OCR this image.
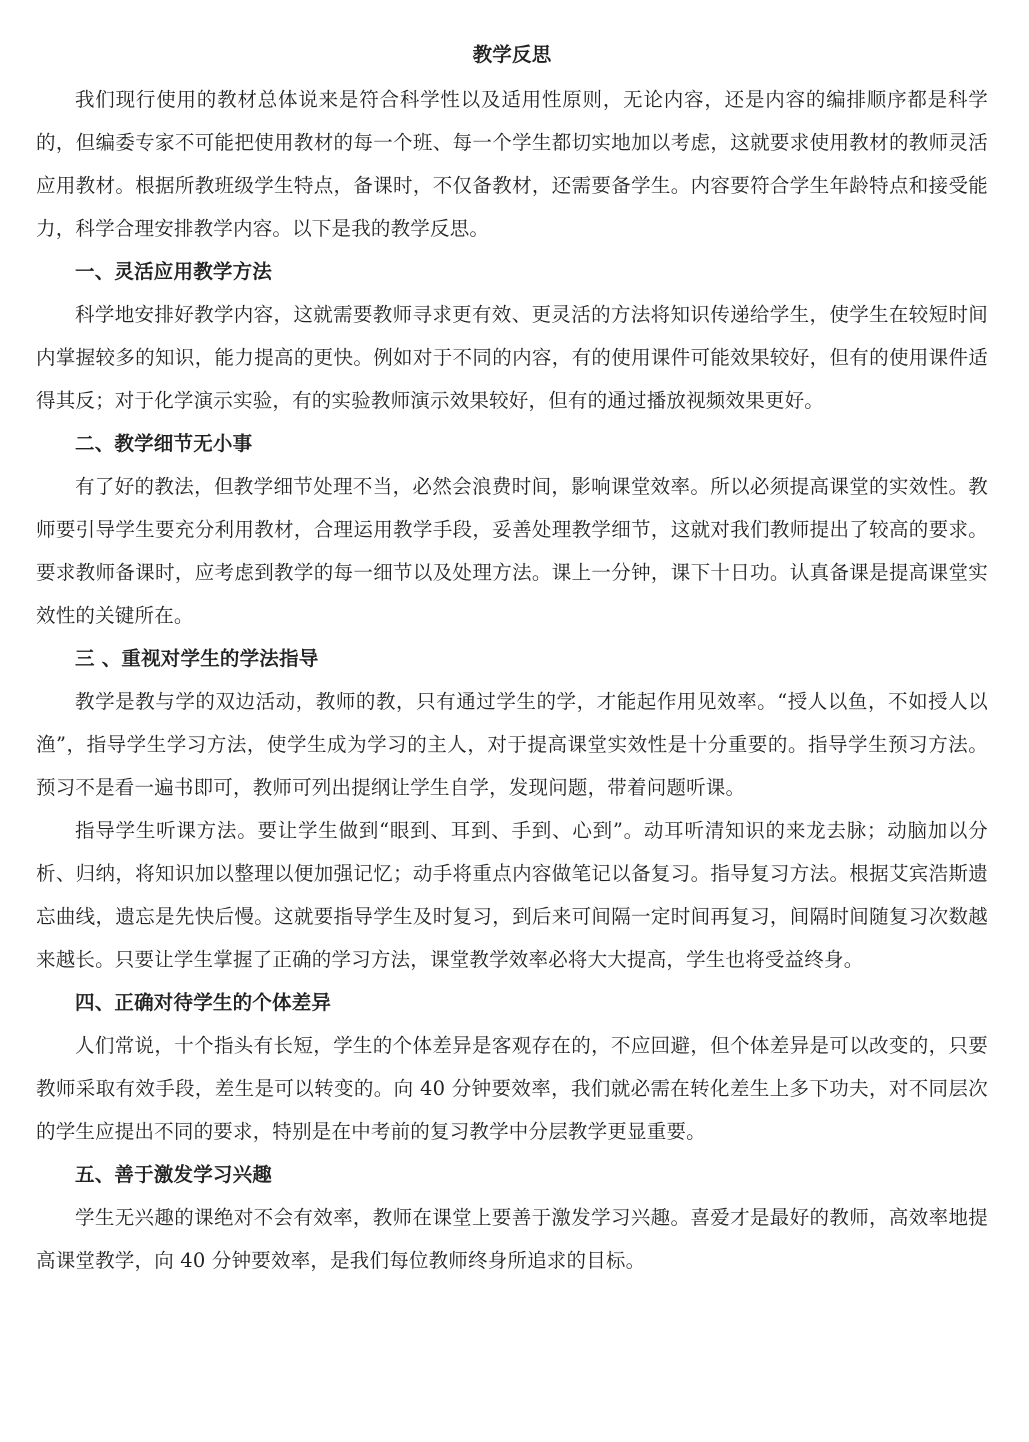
教学反思

我们现行使用的教材总体说来是符合科学性以及适用性原则，无论内容，还是内容的编排顺序都是科学的，但编委专家不可能把使用教材的每一个班、每一个学生都切实地加以考虑，这就要求使用教材的教师灵活应用教材。根据所教班级学生特点，备课时，不仅备教材，还需要备学生。内容要符合学生年龄特点和接受能力，科学合理安排教学内容。以下是我的教学反思。

一、灵活应用教学方法

科学地安排好教学内容，这就需要教师寻求更有效、更灵活的方法将知识传递给学生，使学生在较短时间内掌握较多的知识，能力提高的更快。例如对于不同的内容，有的使用课件可能效果较好，但有的使用课件适得其反；对于化学演示实验，有的实验教师演示效果较好，但有的通过播放视频效果更好。

二、教学细节无小事

有了好的教法，但教学细节处理不当，必然会浪费时间，影响课堂效率。所以必须提高课堂的实效性。教师要引导学生要充分利用教材，合理运用教学手段，妥善处理教学细节，这就对我们教师提出了较高的要求。要求教师备课时，应考虑到教学的每一细节以及处理方法。课上一分钟，课下十日功。认真备课是提高课堂实效性的关键所在。

三 、重视对学生的学法指导

教学是教与学的双边活动，教师的教，只有通过学生的学，才能起作用见效率。“授人以鱼，不如授人以渔”，指导学生学习方法，使学生成为学习的主人，对于提高课堂实效性是十分重要的。指导学生预习方法。预习不是看一遍书即可，教师可列出提纲让学生自学，发现问题，带着问题听课。

指导学生听课方法。要让学生做到“眼到、耳到、手到、心到”。动耳听清知识的来龙去脉；动脑加以分析、归纳，将知识加以整理以便加强记忆；动手将重点内容做笔记以备复习。指导复习方法。根据艾宾浩斯遗忘曲线，遗忘是先快后慢。这就要指导学生及时复习，到后来可间隔一定时间再复习，间隔时间随复习次数越来越长。只要让学生掌握了正确的学习方法，课堂教学效率必将大大提高，学生也将受益终身。

四、正确对待学生的个体差异

人们常说，十个指头有长短，学生的个体差异是客观存在的，不应回避，但个体差异是可以改变的，只要教师采取有效手段，差生是可以转变的。向 40 分钟要效率，我们就必需在转化差生上多下功夫，对不同层次的学生应提出不同的要求，特别是在中考前的复习教学中分层教学更显重要。

五、善于激发学习兴趣

学生无兴趣的课绝对不会有效率，教师在课堂上要善于激发学习兴趣。喜爱才是最好的教师，高效率地提高课堂教学，向 40 分钟要效率，是我们每位教师终身所追求的目标。
